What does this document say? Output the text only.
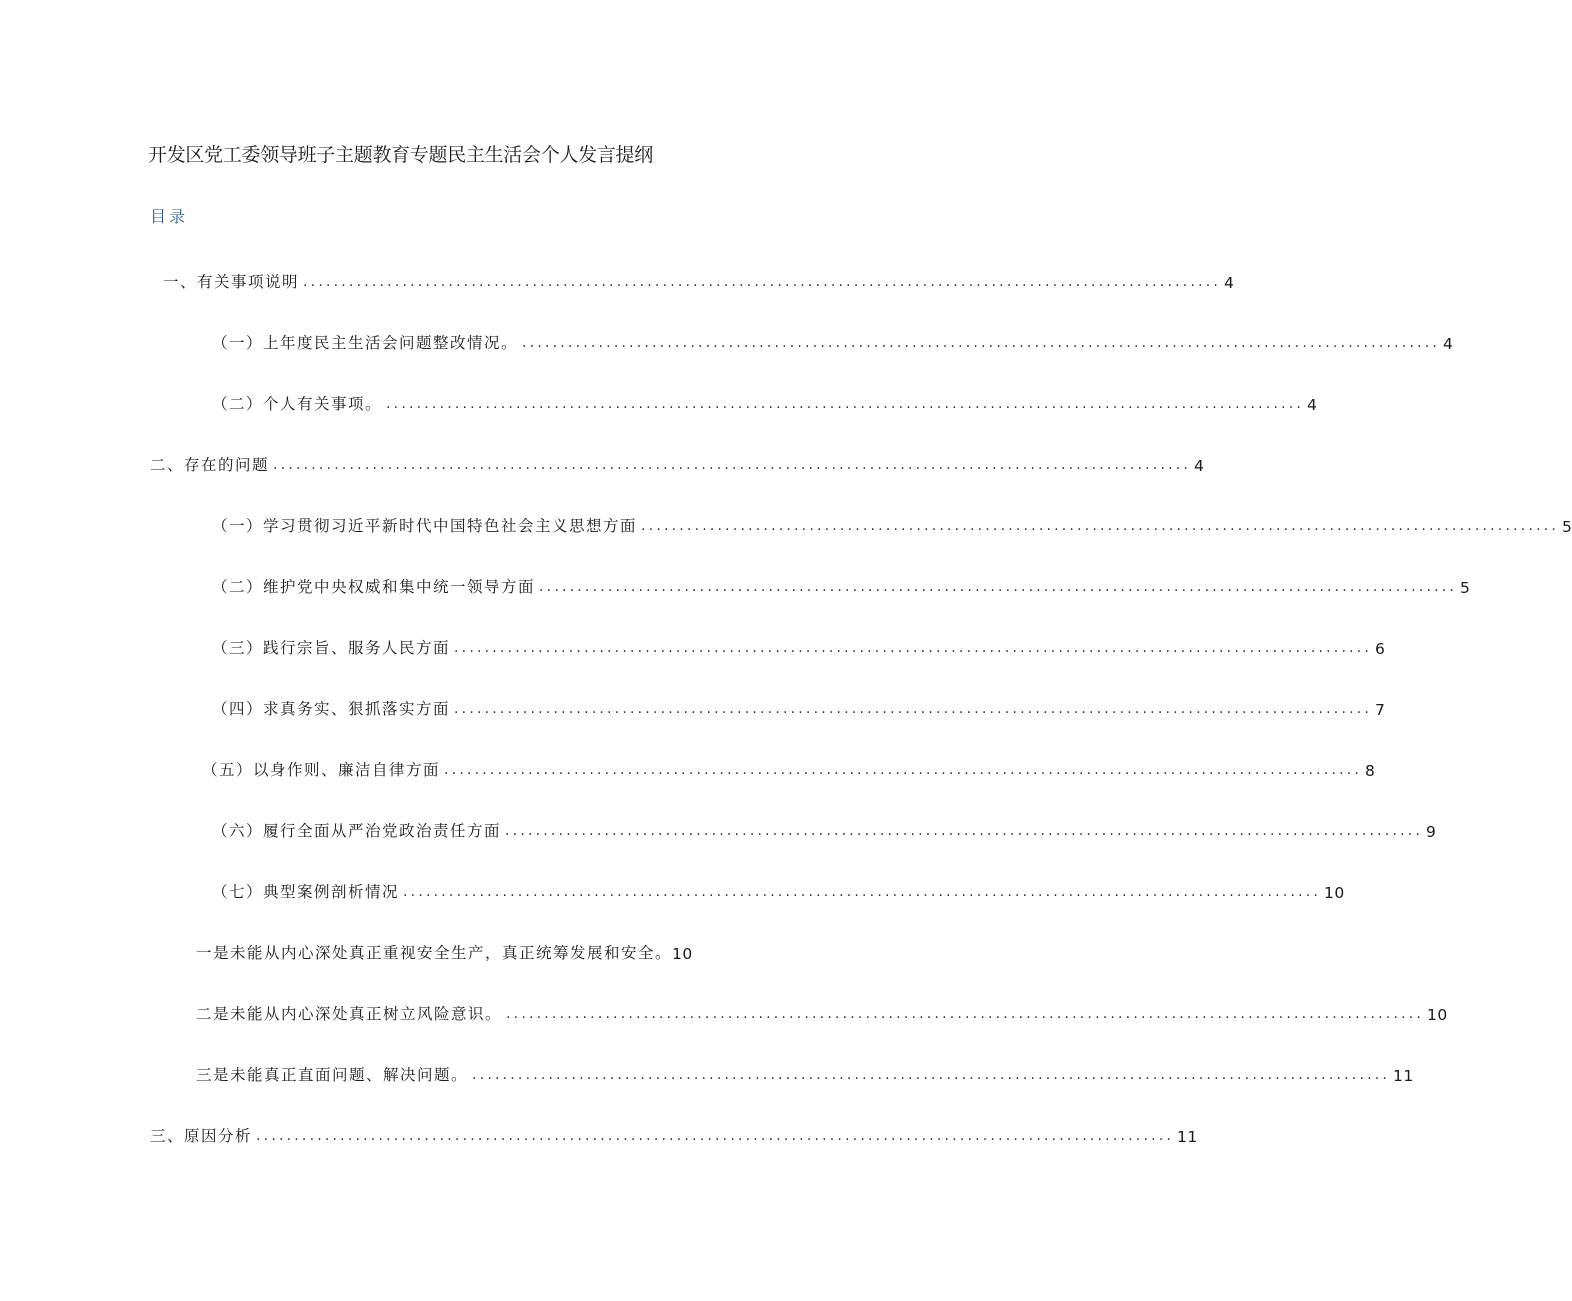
开发区党工委领导班子主题教育专题民主生活会个人发言提纲
目录
一、有关事项说明 ........................................................................................................................ 4
（一）上年度民主生活会问题整改情况。 ........................................................................................................................ 4
（二）个人有关事项。 ........................................................................................................................ 4
二、存在的问题 ........................................................................................................................ 4
（一）学习贯彻习近平新时代中国特色社会主义思想方面 ........................................................................................................................ 5
（二）维护党中央权威和集中统一领导方面 ........................................................................................................................ 5
（三）践行宗旨、服务人民方面 ........................................................................................................................ 6
（四）求真务实、狠抓落实方面 ........................................................................................................................ 7
（五）以身作则、廉洁自律方面 ........................................................................................................................ 8
（六）履行全面从严治党政治责任方面 ........................................................................................................................ 9
（七）典型案例剖析情况 ........................................................................................................................ 10
一是未能从内心深处真正重视安全生产，真正统筹发展和安全。 10
二是未能从内心深处真正树立风险意识。 ........................................................................................................................ 10
三是未能真正直面问题、解决问题。 ........................................................................................................................ 11
三、原因分析 ........................................................................................................................ 11
